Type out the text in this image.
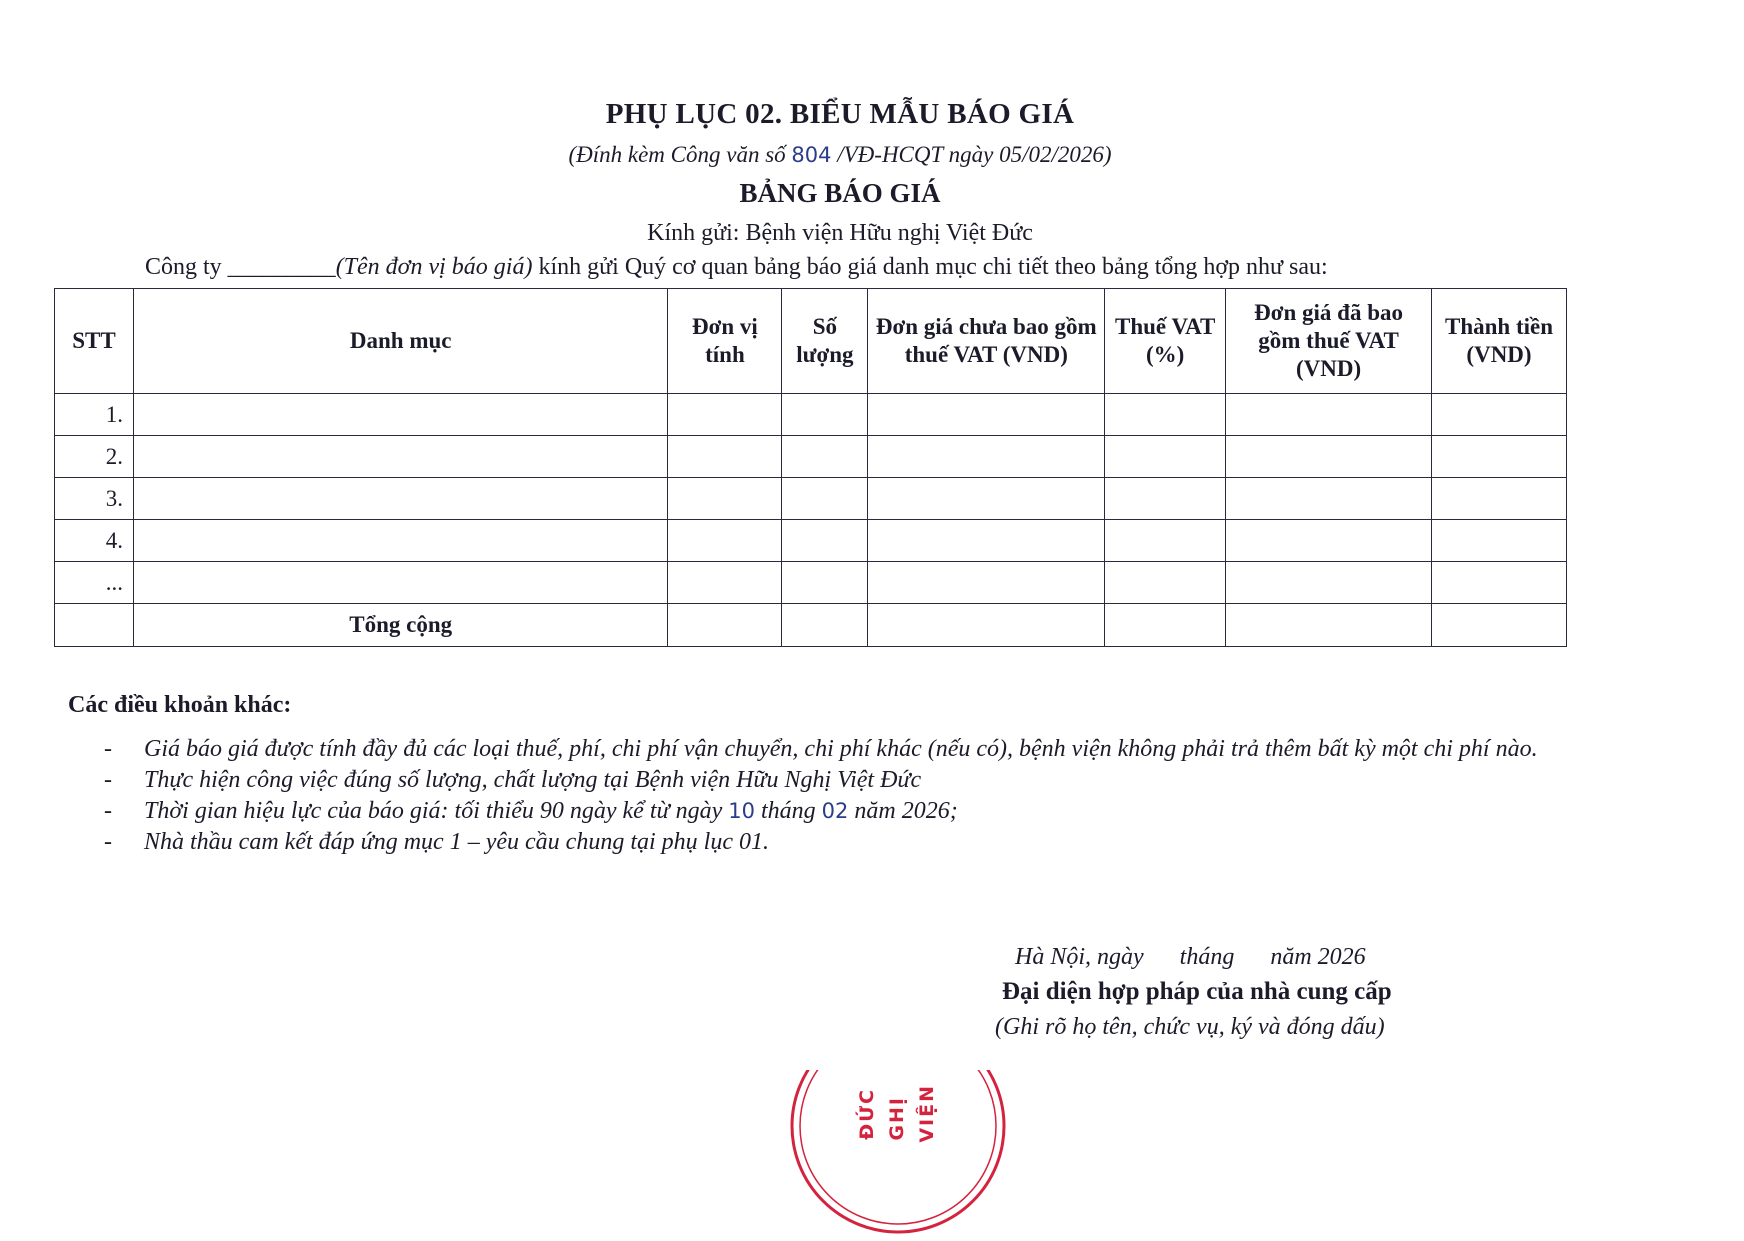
PHỤ LỤC 02. BIỂU MẪU BÁO GIÁ
(Đính kèm Công văn số 804 /VĐ-HCQT ngày 05/02/2026)
BẢNG BÁO GIÁ
Kính gửi: Bệnh viện Hữu nghị Việt Đức
Công ty _________(Tên đơn vị báo giá) kính gửi Quý cơ quan bảng báo giá danh mục chi tiết theo bảng tổng hợp như sau:
STT	Danh mục	Đơn vị tính	Số lượng	Đơn giá chưa bao gồm thuế VAT (VND)	Thuế VAT (%)	Đơn giá đã bao gồm thuế VAT (VND)	Thành tiền (VND)
1.							
2.							
3.							
4.							
...							
	Tổng cộng						
Các điều khoản khác:
- Giá báo giá được tính đầy đủ các loại thuế, phí, chi phí vận chuyển, chi phí khác (nếu có), bệnh viện không phải trả thêm bất kỳ một chi phí nào.
- Thực hiện công việc đúng số lượng, chất lượng tại Bệnh viện Hữu Nghị Việt Đức
- Thời gian hiệu lực của báo giá: tối thiểu 90 ngày kể từ ngày 10 tháng 02 năm 2026;
- Nhà thầu cam kết đáp ứng mục 1 – yêu cầu chung tại phụ lục 01.
Hà Nội, ngày      tháng      năm 2026
Đại diện hợp pháp của nhà cung cấp
(Ghi rõ họ tên, chức vụ, ký và đóng dấu)
ĐỨC GHỊ VIỆN
